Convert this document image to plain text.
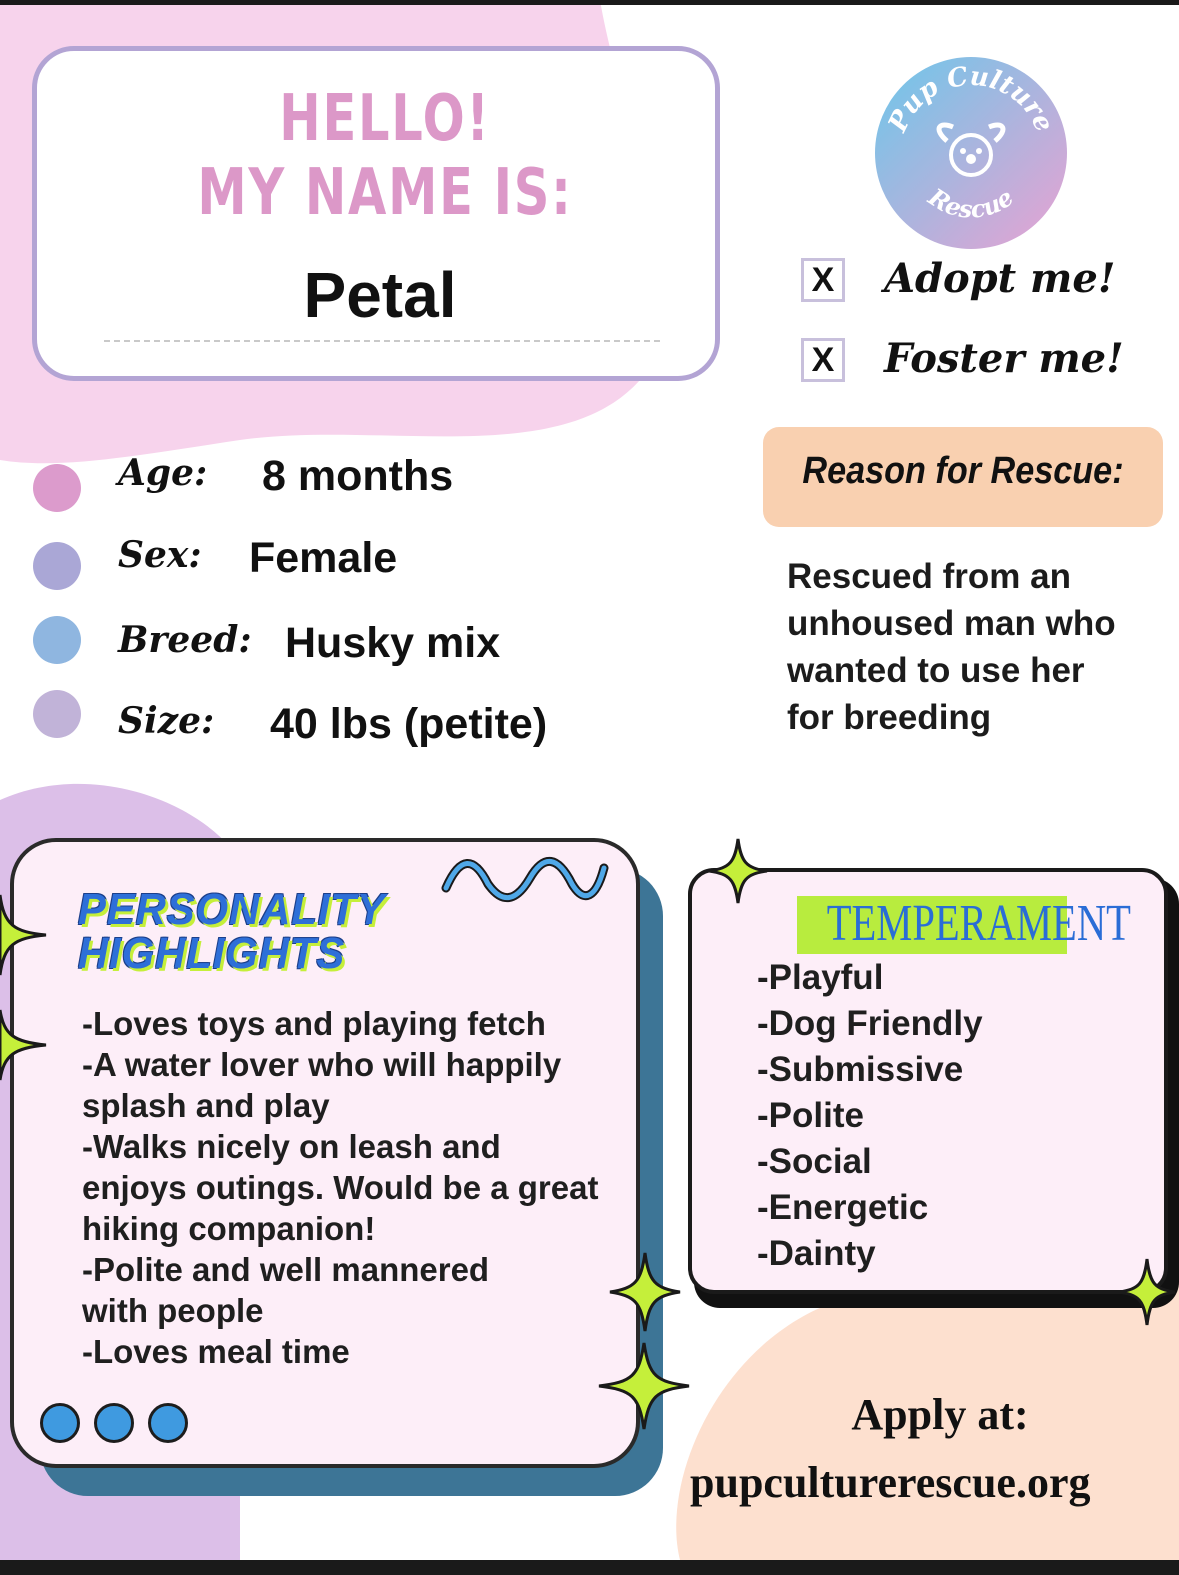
HELLO!
MY NAME IS:
Petal
Pup Culture
Rescue
X Adopt me!
X Foster me!
Reason for Rescue:
Rescued from an
unhoused man who
wanted to use her
for breeding
Age: 8 months
Sex: Female
Breed: Husky mix
Size: 40 lbs (petite)
PERSONALITY
HIGHLIGHTS
-Loves toys and playing fetch
-A water lover who will happily
splash and play
-Walks nicely on leash and
enjoys outings. Would be a great
hiking companion!
-Polite and well mannered
with people
-Loves meal time
TEMPERAMENT
-Playful
-Dog Friendly
-Submissive
-Polite
-Social
-Energetic
-Dainty
Apply at:
pupculturerescue.org
